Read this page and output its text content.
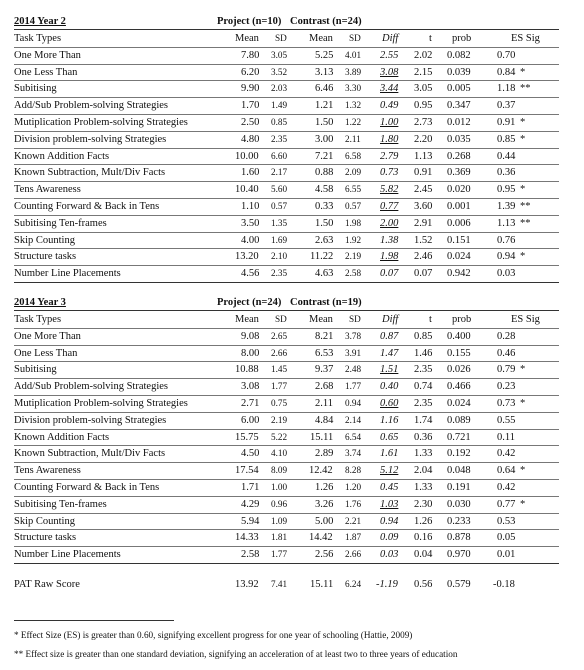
2014 Year 2	Project (n=10) Contrast (n=24)
Task Types	Mean SD Mean SD Diff	t prob	ES Sig
One More Than	7.80 3.05	5.25 4.01 2.55 2.02 0.082	0.70
One Less Than	6.20 3.52	3.13 3.89 3.08 2.15 0.039	0.84 *
Subitising	9.90 2.03	6.46 3.30 3.44 3.05 0.005	1.18 **
Add/Sub Problem-solving Strategies	1.70 1.49	1.21 1.32 0.49 0.95 0.347	0.37
Mutiplication Problem-solving Strategies	2.50 0.85	1.50 1.22 1.00 2.73 0.012	0.91 *
Division problem-solving Strategies	4.80 2.35	3.00 2.11 1.80 2.20 0.035	0.85 *
Known Addition Facts	10.00 6.60	7.21 6.58 2.79 1.13 0.268	0.44
Known Subtraction, Mult/Div Facts	1.60 2.17	0.88 2.09 0.73 0.91 0.369	0.36
Tens Awareness	10.40 5.60	4.58 6.55 5.82 2.45 0.020	0.95 *
Counting Forward & Back in Tens	1.10 0.57	0.33 0.57 0.77 3.60 0.001	1.39 **
Subitising Ten-frames	3.50 1.35	1.50 1.98 2.00 2.91 0.006	1.13 **
Skip Counting	4.00 1.69	2.63 1.92 1.38 1.52 0.151	0.76
Structure tasks	13.20 2.10 11.22 2.19 1.98 2.46 0.024	0.94 *
Number Line Placements	4.56 2.35	4.63 2.58 0.07 0.07 0.942	0.03
2014 Year 3	Project (n=24) Contrast (n=19)
Task Types	Mean SD Mean SD Diff	t prob	ES Sig
One More Than	9.08 2.65	8.21 3.78 0.87 0.85 0.400	0.28
One Less Than	8.00 2.66	6.53 3.91 1.47 1.46 0.155	0.46
Subitising	10.88 1.45	9.37 2.48 1.51 2.35 0.026	0.79 *
Add/Sub Problem-solving Strategies	3.08 1.77	2.68 1.77 0.40 0.74 0.466	0.23
Mutiplication Problem-solving Strategies	2.71 0.75	2.11 0.94 0.60 2.35 0.024	0.73 *
Division problem-solving Strategies	6.00 2.19	4.84 2.14 1.16 1.74 0.089	0.55
Known Addition Facts	15.75 5.22 15.11 6.54 0.65 0.36 0.721	0.11
Known Subtraction, Mult/Div Facts	4.50 4.10	2.89 3.74 1.61 1.33 0.192	0.42
Tens Awareness	17.54 8.09 12.42 8.28 5.12 2.04 0.048	0.64 *
Counting Forward & Back in Tens	1.71 1.00	1.26 1.20 0.45 1.33 0.191	0.42
Subitising Ten-frames	4.29 0.96	3.26 1.76 1.03 2.30 0.030	0.77 *
Skip Counting	5.94 1.09	5.00 2.21 0.94 1.26 0.233	0.53
Structure tasks	14.33 1.81 14.42 1.87 0.09 0.16 0.878	0.05
Number Line Placements	2.58 1.77	2.56 2.66 0.03 0.04 0.970	0.01
PAT Raw Score	13.92 7.41 15.11 6.24 -1.19 0.56 0.579 -0.18
* Effect Size (ES) is greater than 0.60, signifying excellent progress for one year of schooling (Hattie, 2009)
** Effect size is greater than one standard deviation, signifying an acceleration of at least two to three years of education
